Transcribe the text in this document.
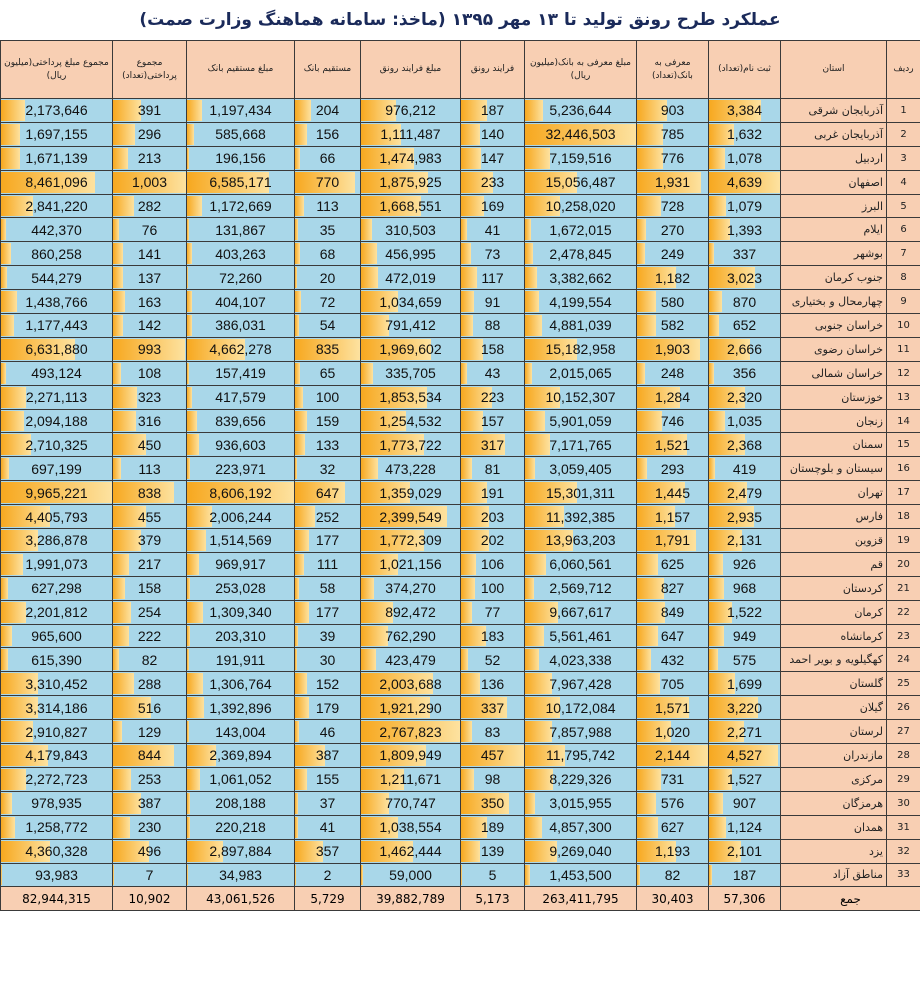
عملکرد طرح رونق تولید تا ۱۳ مهر ۱۳۹۵ (ماخذ: سامانه هماهنگ وزارت صمت)
ردیف	استان	ثبت نام(تعداد)	معرفی به بانک(تعداد)	مبلغ معرفی به بانک(میلیون ریال)	فرایند رونق	مبلغ فرایند رونق	مستقیم بانک	مبلغ مستقیم بانک	مجموع پرداختی(تعداد)	مجموع مبلغ پرداختی(میلیون ریال)
1	آذربایجان شرقی	3,384	903	5,236,644	187	976,212	204	1,197,434	391	2,173,646

2	آذربایجان غربی	1,632	785	32,446,503	140	1,111,487	156	585,668	296	1,697,155

3	اردبیل	1,078	776	7,159,516	147	1,474,983	66	196,156	213	1,671,139

4	اصفهان	4,639	1,931	15,056,487	233	1,875,925	770	6,585,171	1,003	8,461,096

5	البرز	1,079	728	10,258,020	169	1,668,551	113	1,172,669	282	2,841,220

6	ایلام	1,393	270	1,672,015	41	310,503	35	131,867	76	442,370

7	بوشهر	337	249	2,478,845	73	456,995	68	403,263	141	860,258

8	جنوب کرمان	3,023	1,182	3,382,662	117	472,019	20	72,260	137	544,279

9	چهارمحال و بختیاری	870	580	4,199,554	91	1,034,659	72	404,107	163	1,438,766

10	خراسان جنوبی	652	582	4,881,039	88	791,412	54	386,031	142	1,177,443

11	خراسان رضوی	2,666	1,903	15,182,958	158	1,969,602	835	4,662,278	993	6,631,880

12	خراسان شمالی	356	248	2,015,065	43	335,705	65	157,419	108	493,124

13	خوزستان	2,320	1,284	10,152,307	223	1,853,534	100	417,579	323	2,271,113

14	زنجان	1,035	746	5,901,059	157	1,254,532	159	839,656	316	2,094,188

15	سمنان	2,368	1,521	7,171,765	317	1,773,722	133	936,603	450	2,710,325

16	سیستان و بلوچستان	419	293	3,059,405	81	473,228	32	223,971	113	697,199

17	تهران	2,479	1,445	15,301,311	191	1,359,029	647	8,606,192	838	9,965,221

18	فارس	2,935	1,157	11,392,385	203	2,399,549	252	2,006,244	455	4,405,793

19	قزوین	2,131	1,791	13,963,203	202	1,772,309	177	1,514,569	379	3,286,878

20	قم	926	625	6,060,561	106	1,021,156	111	969,917	217	1,991,073

21	کردستان	968	827	2,569,712	100	374,270	58	253,028	158	627,298

22	کرمان	1,522	849	9,667,617	77	892,472	177	1,309,340	254	2,201,812

23	کرمانشاه	949	647	5,561,461	183	762,290	39	203,310	222	965,600

24	کهگیلویه و بویر احمد	575	432	4,023,338	52	423,479	30	191,911	82	615,390

25	گلستان	1,699	705	7,967,428	136	2,003,688	152	1,306,764	288	3,310,452

26	گیلان	3,220	1,571	10,172,084	337	1,921,290	179	1,392,896	516	3,314,186

27	لرستان	2,271	1,020	7,857,988	83	2,767,823	46	143,004	129	2,910,827

28	مازندران	4,527	2,144	11,795,742	457	1,809,949	387	2,369,894	844	4,179,843

29	مرکزی	1,527	731	8,229,326	98	1,211,671	155	1,061,052	253	2,272,723

30	هرمزگان	907	576	3,015,955	350	770,747	37	208,188	387	978,935

31	همدان	1,124	627	4,857,300	189	1,038,554	41	220,218	230	1,258,772

32	یزد	2,101	1,193	9,269,040	139	1,462,444	357	2,897,884	496	4,360,328

33	مناطق آزاد	187	82	1,453,500	5	59,000	2	34,983	7	93,983

جمع		57,306	30,403	263,411,795	5,173	39,882,789	5,729	43,061,526	10,902	82,944,315
